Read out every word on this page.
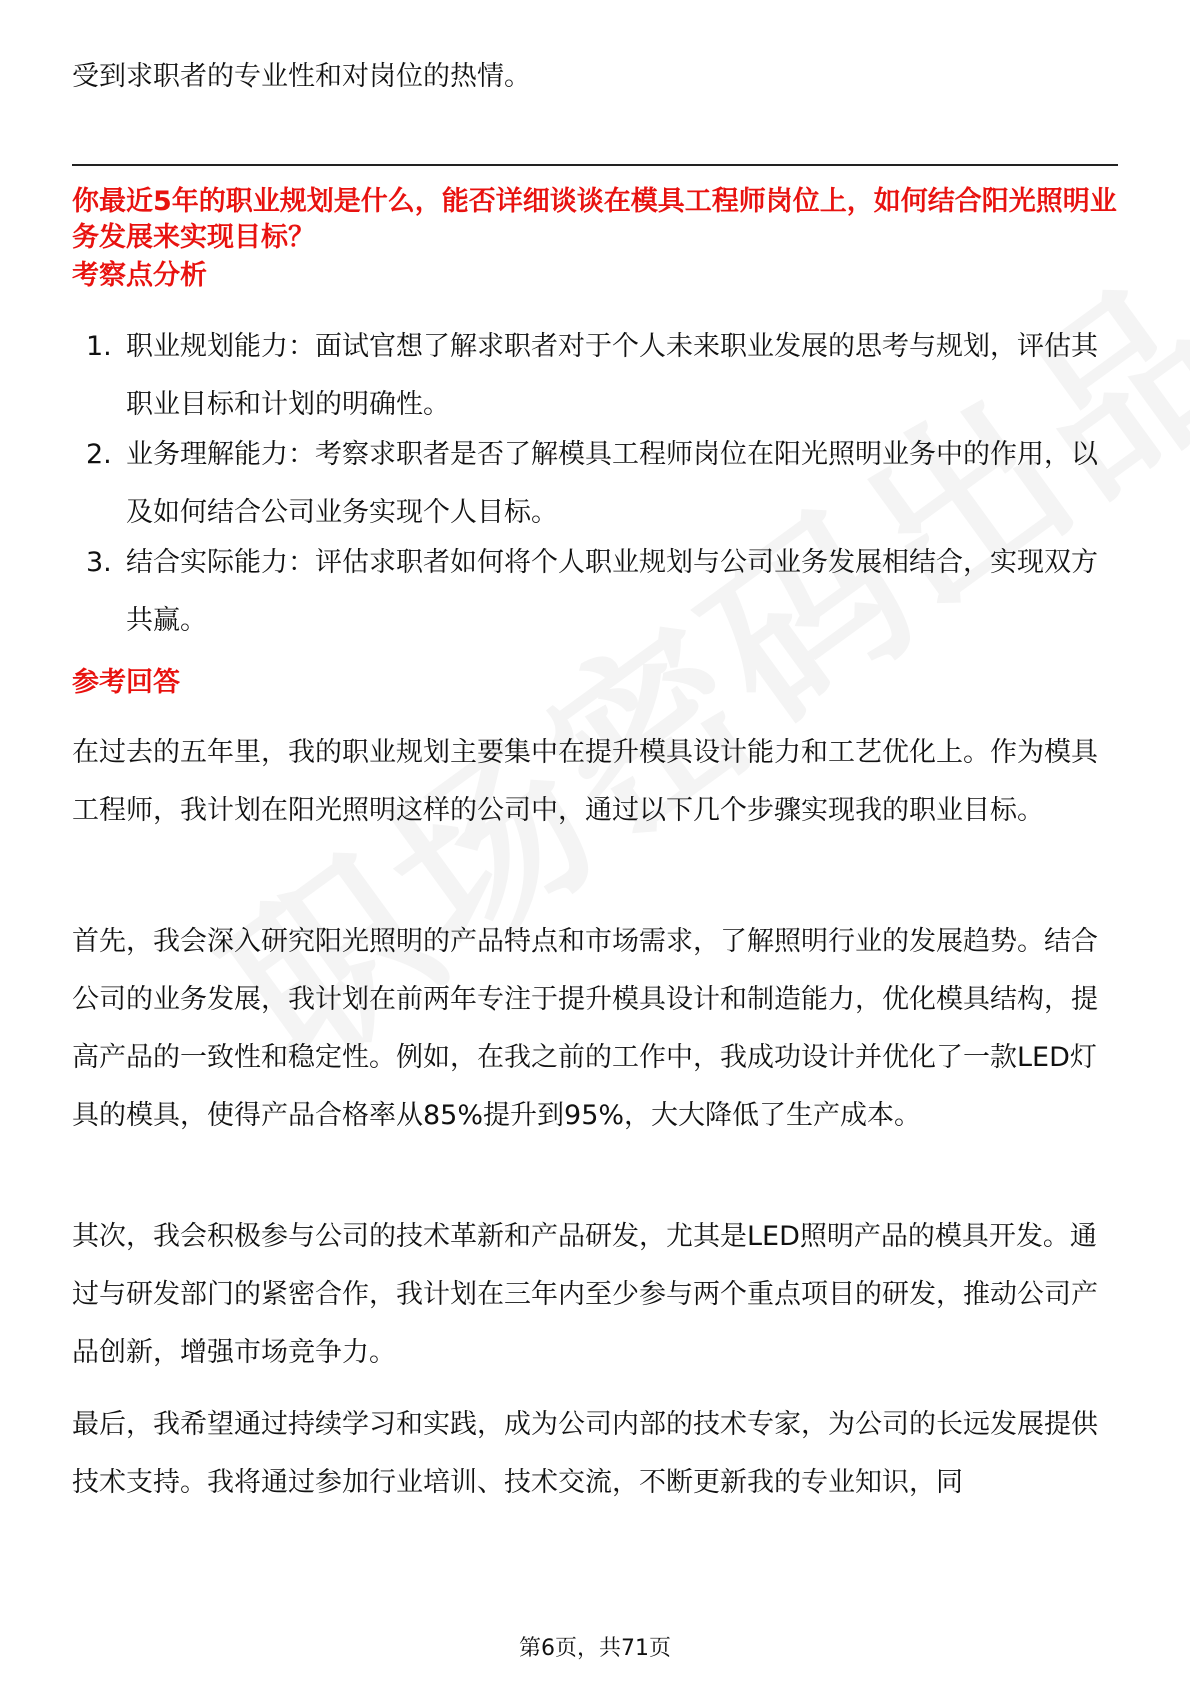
受到求职者的专业性和对岗位的热情。
你最近5年的职业规划是什么，能否详细谈谈在模具工程师岗位上，如何结合阳光照明业务发展来实现目标？
考察点分析
1. 职业规划能力：面试官想了解求职者对于个人未来职业发展的思考与规划，评估其职业目标和计划的明确性。
2. 业务理解能力：考察求职者是否了解模具工程师岗位在阳光照明业务中的作用，以及如何结合公司业务实现个人目标。
3. 结合实际能力：评估求职者如何将个人职业规划与公司业务发展相结合，实现双方共赢。
参考回答
在过去的五年里，我的职业规划主要集中在提升模具设计能力和工艺优化上。作为模具工程师，我计划在阳光照明这样的公司中，通过以下几个步骤实现我的职业目标。
首先，我会深入研究阳光照明的产品特点和市场需求，了解照明行业的发展趋势。结合公司的业务发展，我计划在前两年专注于提升模具设计和制造能力，优化模具结构，提高产品的一致性和稳定性。例如，在我之前的工作中，我成功设计并优化了一款LED灯具的模具，使得产品合格率从85%提升到95%，大大降低了生产成本。
其次，我会积极参与公司的技术革新和产品研发，尤其是LED照明产品的模具开发。通过与研发部门的紧密合作，我计划在三年内至少参与两个重点项目的研发，推动公司产品创新，增强市场竞争力。
最后，我希望通过持续学习和实践，成为公司内部的技术专家，为公司的长远发展提供技术支持。我将通过参加行业培训、技术交流，不断更新我的专业知识，同
第6页，共71页
